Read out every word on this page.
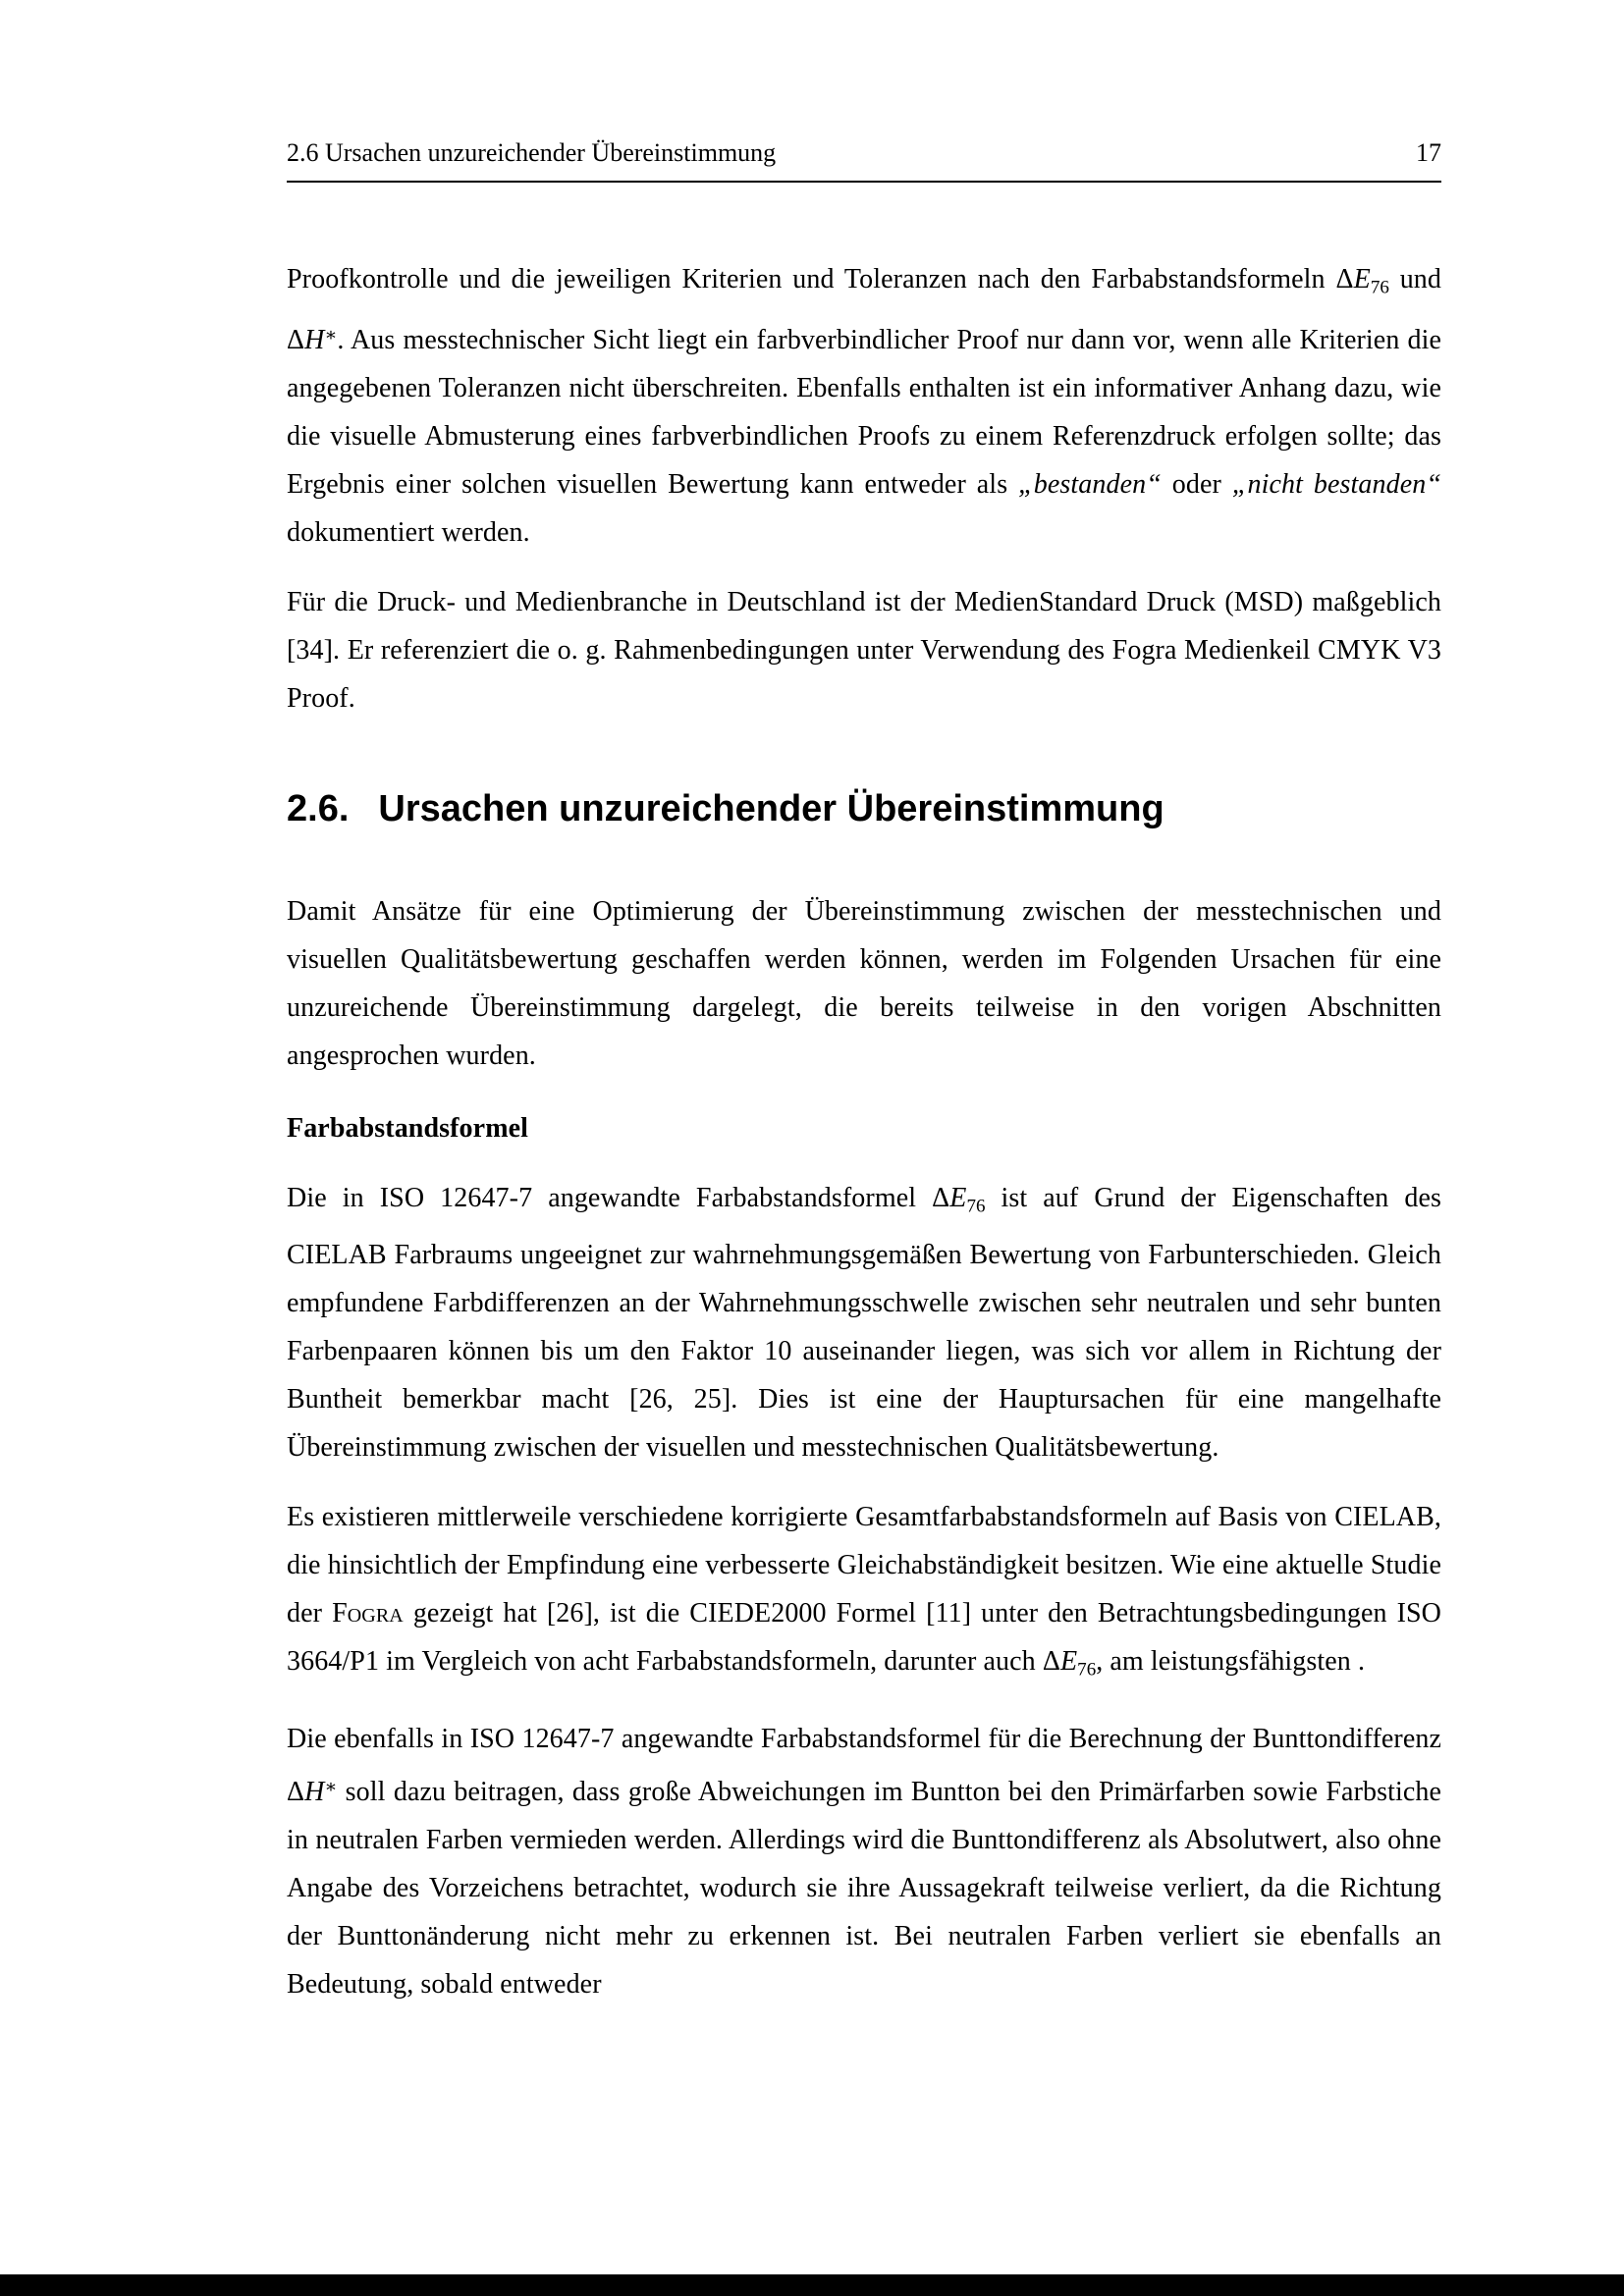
2.6 Ursachen unzureichender Übereinstimmung	17

Proofkontrolle und die jeweiligen Kriterien und Toleranzen nach den Farbabstandsformeln ΔE76 und ΔH∗. Aus messtechnischer Sicht liegt ein farbverbindlicher Proof nur dann vor, wenn alle Kriterien die angegebenen Toleranzen nicht überschreiten. Ebenfalls enthalten ist ein informativer Anhang dazu, wie die visuelle Abmusterung eines farbverbindlichen Proofs zu einem Referenzdruck erfolgen sollte; das Ergebnis einer solchen visuellen Bewertung kann entweder als „bestanden“ oder „nicht bestanden“ dokumentiert werden.

Für die Druck- und Medienbranche in Deutschland ist der MedienStandard Druck (MSD) maßgeblich [34]. Er referenziert die o. g. Rahmenbedingungen unter Verwendung des Fogra Medienkeil CMYK V3 Proof.

2.6. Ursachen unzureichender Übereinstimmung

Damit Ansätze für eine Optimierung der Übereinstimmung zwischen der messtechnischen und visuellen Qualitätsbewertung geschaffen werden können, werden im Folgenden Ursachen für eine unzureichende Übereinstimmung dargelegt, die bereits teilweise in den vorigen Abschnitten angesprochen wurden.

Farbabstandsformel

Die in ISO 12647-7 angewandte Farbabstandsformel ΔE76 ist auf Grund der Eigenschaften des CIELAB Farbraums ungeeignet zur wahrnehmungsgemäßen Bewertung von Farbunterschieden. Gleich empfundene Farbdifferenzen an der Wahrnehmungsschwelle zwischen sehr neutralen und sehr bunten Farbenpaaren können bis um den Faktor 10 auseinander liegen, was sich vor allem in Richtung der Buntheit bemerkbar macht [26, 25]. Dies ist eine der Hauptursachen für eine mangelhafte Übereinstimmung zwischen der visuellen und messtechnischen Qualitätsbewertung.

Es existieren mittlerweile verschiedene korrigierte Gesamtfarbabstandsformeln auf Basis von CIELAB, die hinsichtlich der Empfindung eine verbesserte Gleichabständigkeit besitzen. Wie eine aktuelle Studie der Fogra gezeigt hat [26], ist die CIEDE2000 Formel [11] unter den Betrachtungsbedingungen ISO 3664/P1 im Vergleich von acht Farbabstandsformeln, darunter auch ΔE76, am leistungsfähigsten .

Die ebenfalls in ISO 12647-7 angewandte Farbabstandsformel für die Berechnung der Bunttondifferenz ΔH∗ soll dazu beitragen, dass große Abweichungen im Buntton bei den Primärfarben sowie Farbstiche in neutralen Farben vermieden werden. Allerdings wird die Bunttondifferenz als Absolutwert, also ohne Angabe des Vorzeichens betrachtet, wodurch sie ihre Aussagekraft teilweise verliert, da die Richtung der Bunttonänderung nicht mehr zu erkennen ist. Bei neutralen Farben verliert sie ebenfalls an Bedeutung, sobald entweder
